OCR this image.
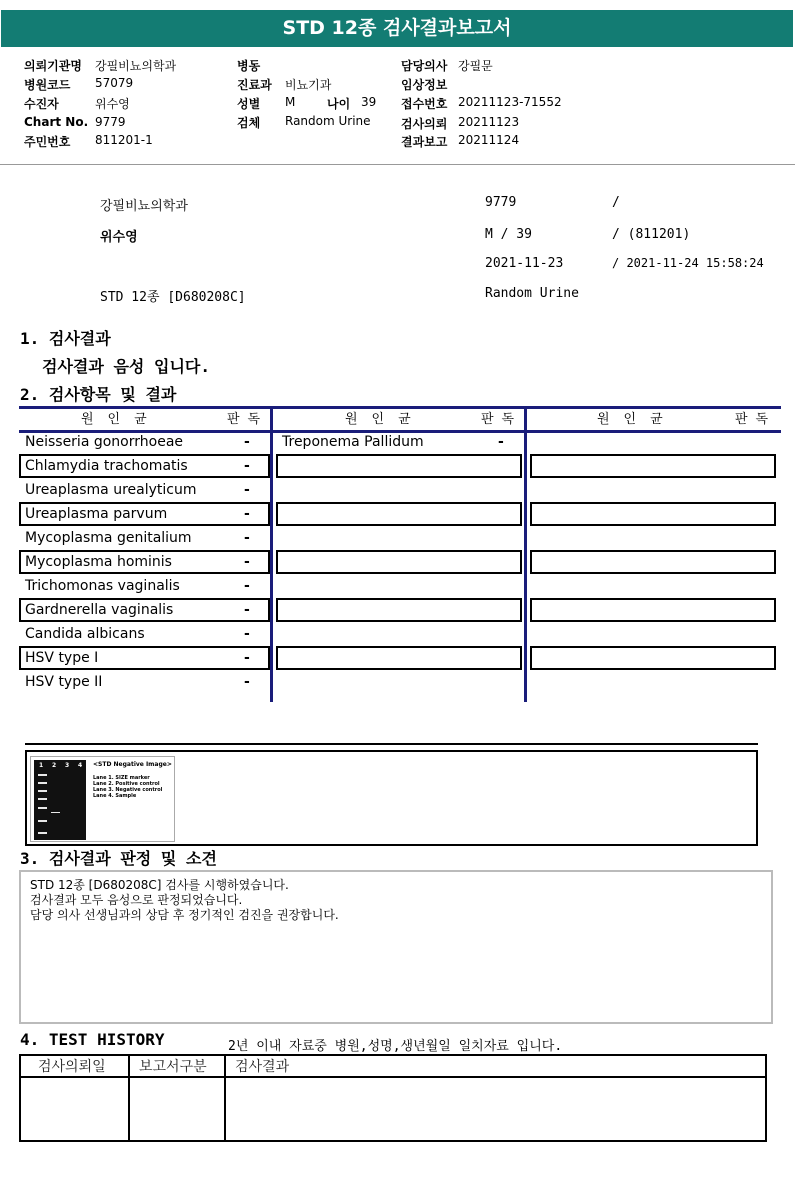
STD 12종 검사결과보고서
의뢰기관명 강필비뇨의학과
병원코드 57079
수진자	위수영
Chart No. 9779
주민번호 811201-1
병동
진료과 비뇨기과
성별 M	나이 39
검체 Random Urine
담당의사 강필문
임상정보
접수번호 20211123-71552
검사의뢰 20211123
결과보고 20211124
강필비뇨의학과	9779	/
위수영	M / 39	/ (811201)
2021-11-23	/ 2021-11-24 15:58:24
STD 12종 [D680208C]	Random Urine
1. 검사결과
검사결과 음성 입니다.
2. 검사항목 및 결과
원인균	판독	원인균	판독	원인균	판독
Neisseria gonorrhoeae	-
Chlamydia trachomatis	-
Ureaplasma urealyticum	-
Ureaplasma parvum	-
Mycoplasma genitalium	-
Mycoplasma hominis	-
Trichomonas vaginalis	-
Gardnerella vaginalis	-
Candida albicans	-
HSV type I	-
HSV type II	-
Treponema Pallidum	-
1 2 3 4 <STD Negative Image>
Lane 1. SIZE marker
Lane 2. Positive control
Lane 3. Negative control
Lane 4. Sample
3. 검사결과 판정 및 소견
STD 12종 [D680208C] 검사를 시행하였습니다.
검사결과 모두 음성으로 판정되었습니다.
담당 의사 선생님과의 상담 후 정기적인 검진을 권장합니다.
4. TEST HISTORY	2년 이내 자료중 병원,성명,생년월일 일치자료 입니다.
검사의뢰일 보고서구분 검사결과
